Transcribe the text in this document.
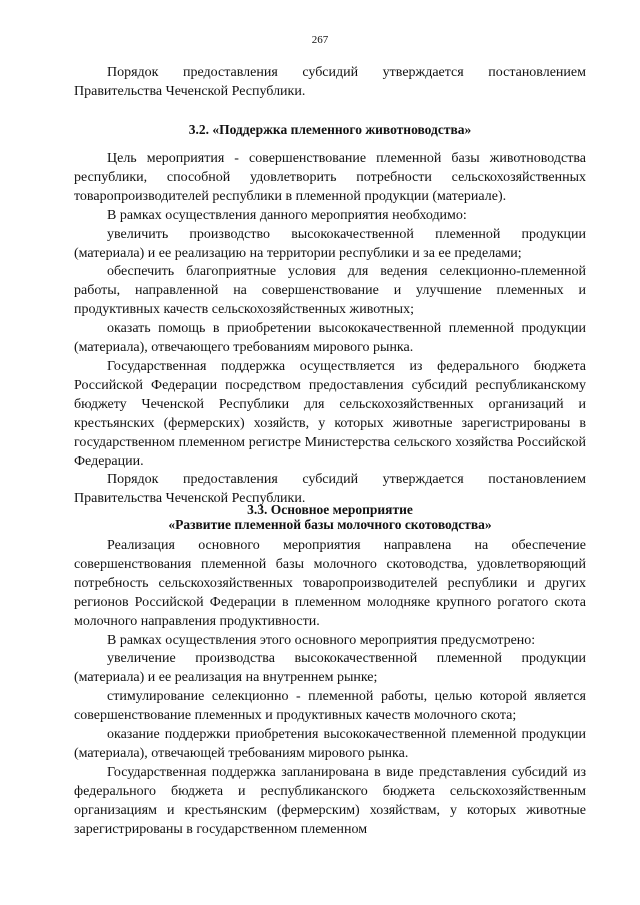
267

Порядок предоставления субсидий утверждается постановлением Правительства Чеченской Республики.

3.2. «Поддержка племенного животноводства»

Цель мероприятия - совершенствование племенной базы животноводства республики, способной удовлетворить потребности сельскохозяйственных товаропроизводителей республики в племенной продукции (материале).

В рамках осуществления данного мероприятия необходимо:

увеличить производство высококачественной племенной продукции (материала) и ее реализацию на территории республики и за ее пределами;

обеспечить благоприятные условия для ведения селекционно-племенной работы, направленной на совершенствование и улучшение племенных и продуктивных качеств сельскохозяйственных животных;

оказать помощь в приобретении высококачественной племенной продукции (материала), отвечающего требованиям мирового рынка.

Государственная поддержка осуществляется из федерального бюджета Российской Федерации посредством предоставления субсидий республиканскому бюджету Чеченской Республики для сельскохозяйственных организаций и крестьянских (фермерских) хозяйств, у которых животные зарегистрированы в государственном племенном регистре Министерства сельского хозяйства Российской Федерации.

Порядок предоставления субсидий утверждается постановлением Правительства Чеченской Республики.

3.3. Основное мероприятие
«Развитие племенной базы молочного скотоводства»

Реализация основного мероприятия направлена на обеспечение совершенствования племенной базы молочного скотоводства, удовлетворяющий потребность сельскохозяйственных товаропроизводителей республики и других регионов Российской Федерации в племенном молодняке крупного рогатого скота молочного направления продуктивности.

В рамках осуществления этого основного мероприятия предусмотрено:

увеличение производства высококачественной племенной продукции (материала) и ее реализация на внутреннем рынке;

стимулирование селекционно - племенной работы, целью которой является совершенствование племенных и продуктивных качеств молочного скота;

оказание поддержки приобретения высококачественной племенной продукции (материала), отвечающей требованиям мирового рынка.

Государственная поддержка запланирована в виде представления субсидий из федерального бюджета и республиканского бюджета сельскохозяйственным организациям и крестьянским (фермерским) хозяйствам, у которых животные зарегистрированы в государственном племенном
